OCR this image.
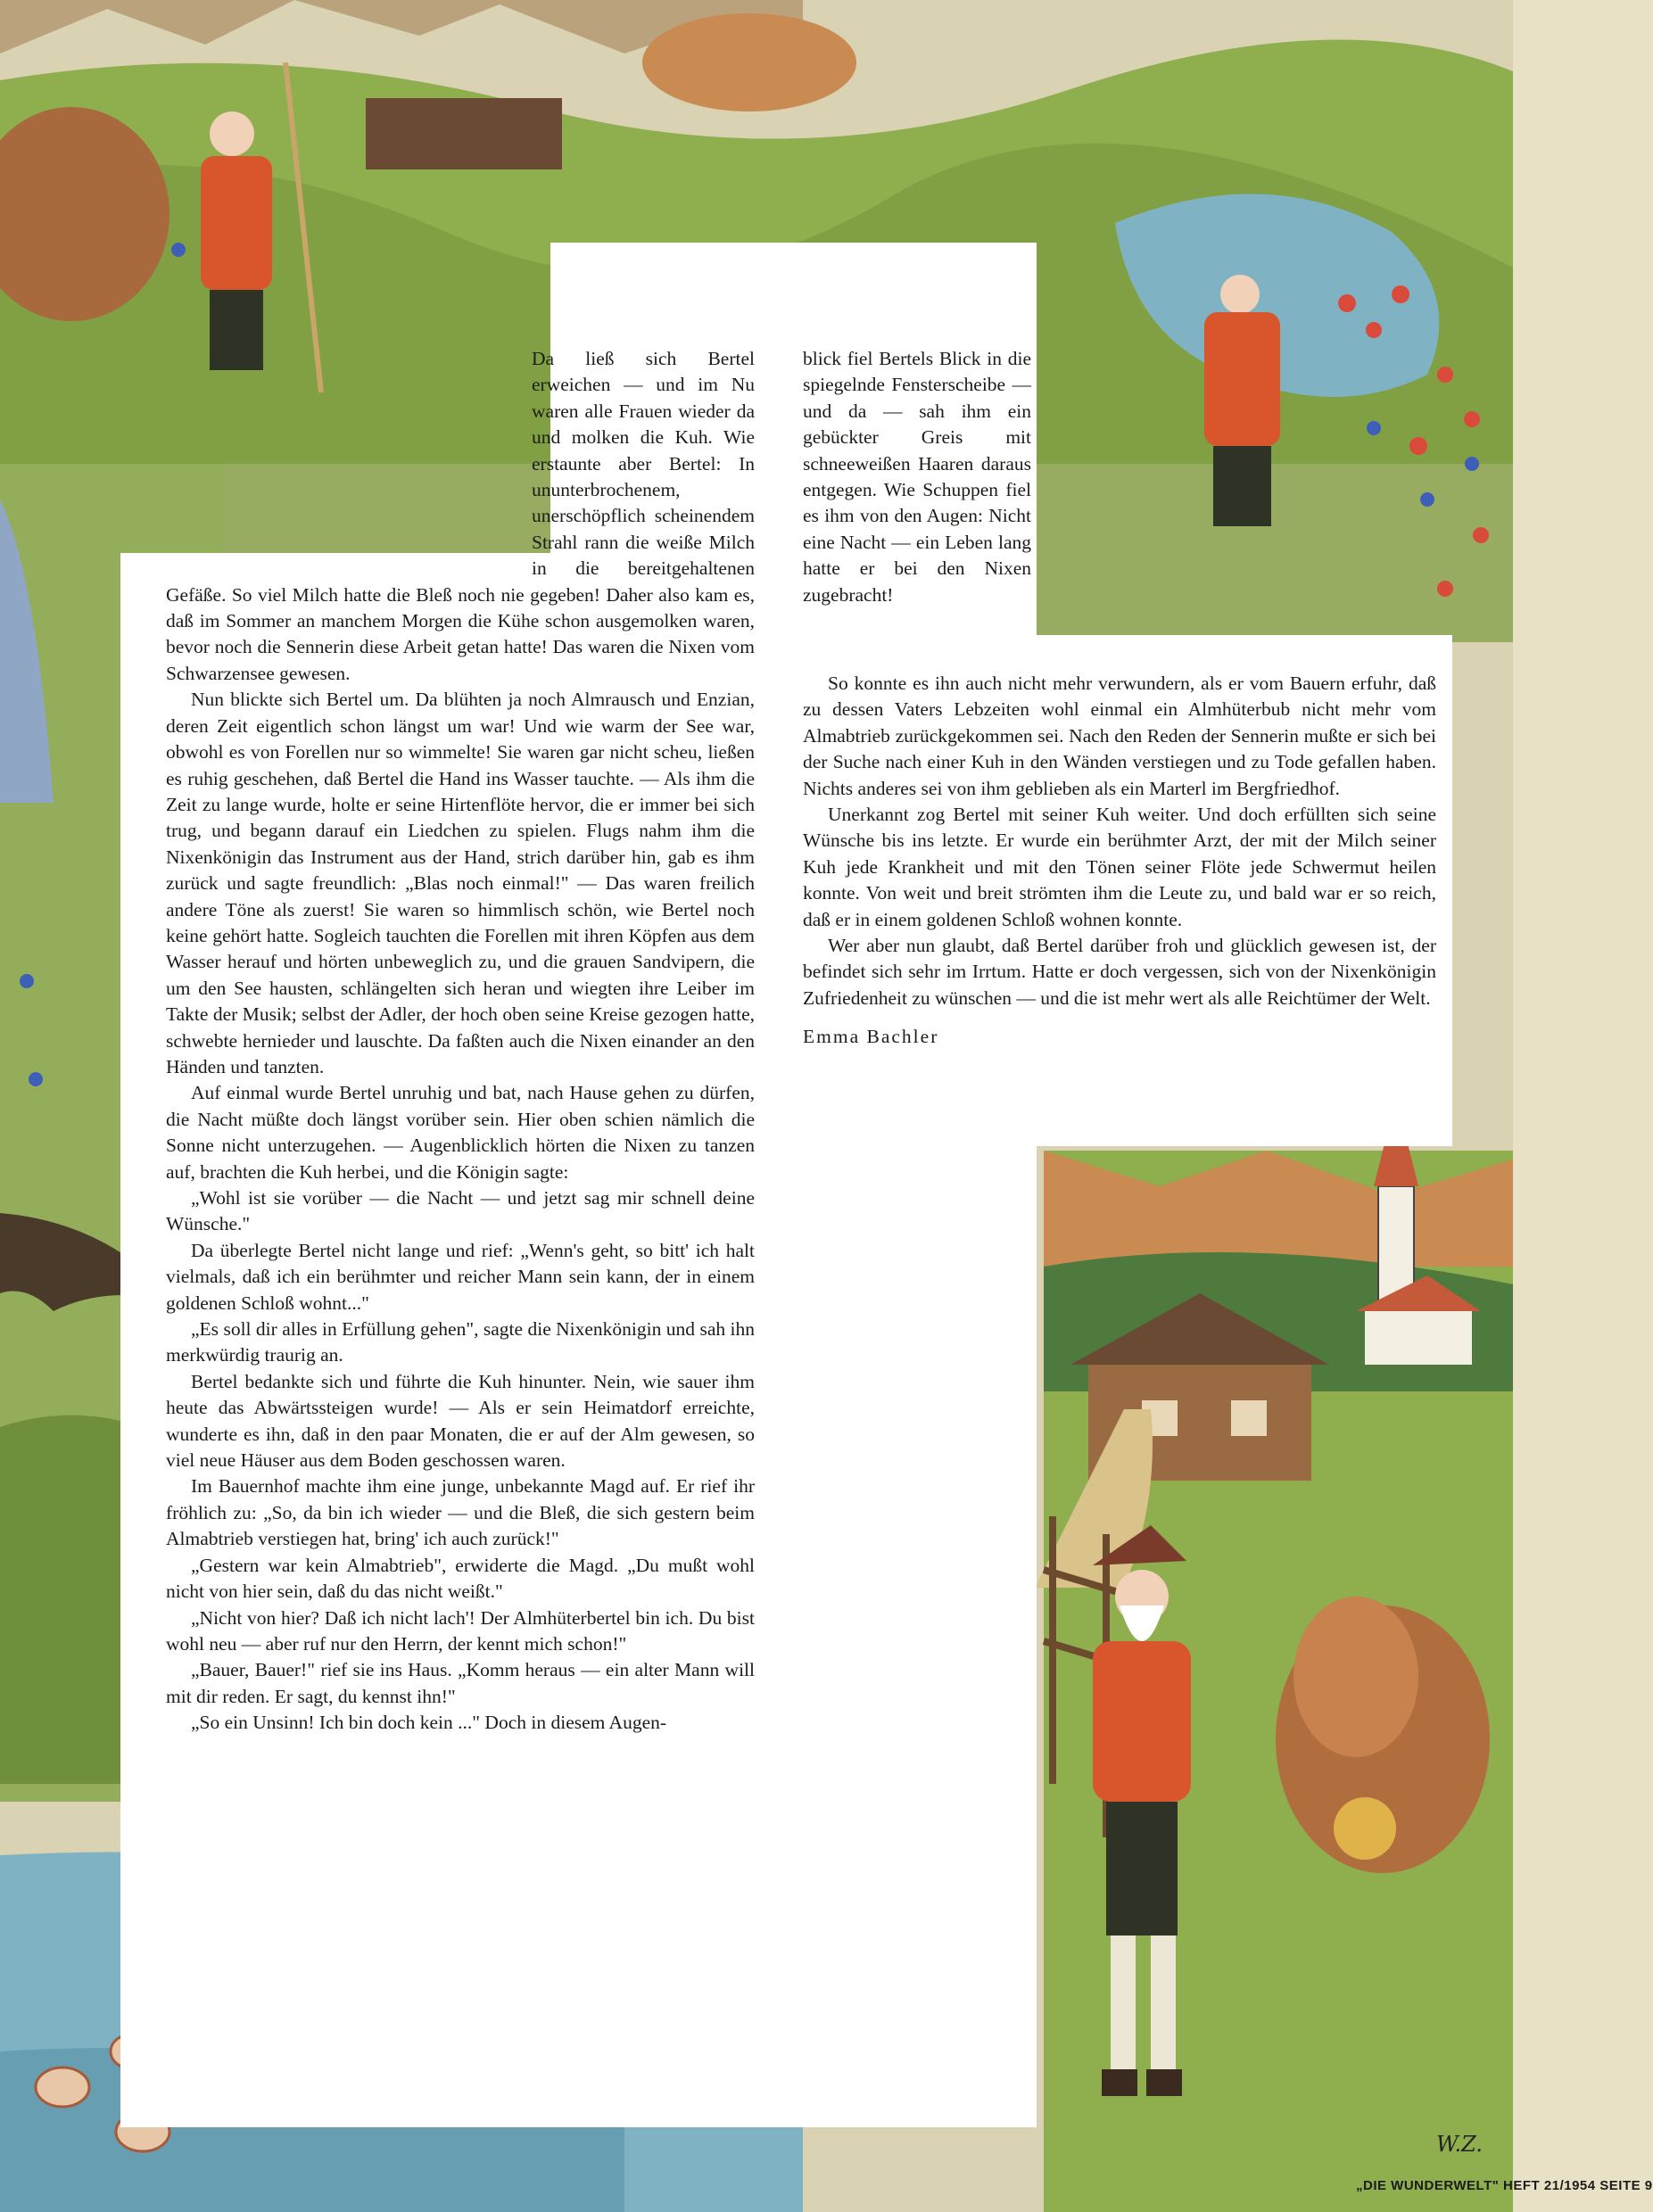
Da ließ sich Bertel erweichen — und im Nu waren alle Frauen wieder da und molken die Kuh. Wie erstaunte aber Bertel: In ununterbrochenem, unerschöpflich scheinendem Strahl rann die weiße Milch in die bereitgehaltenen Gefäße. So viel Milch hatte die Bleß noch nie gegeben! Daher also kam es, daß im Sommer an manchem Morgen die Kühe schon ausgemolken waren, bevor noch die Sennerin diese Arbeit getan hatte! Das waren die Nixen vom Schwarzensee gewesen.

Nun blickte sich Bertel um. Da blühten ja noch Almrausch und Enzian, deren Zeit eigentlich schon längst um war! Und wie warm der See war, obwohl es von Forellen nur so wimmelte! Sie waren gar nicht scheu, ließen es ruhig geschehen, daß Bertel die Hand ins Wasser tauchte. — Als ihm die Zeit zu lange wurde, holte er seine Hirtenflöte hervor, die er immer bei sich trug, und begann darauf ein Liedchen zu spielen. Flugs nahm ihm die Nixenkönigin das Instrument aus der Hand, strich darüber hin, gab es ihm zurück und sagte freundlich: „Blas noch einmal!" — Das waren freilich andere Töne als zuerst! Sie waren so himmlisch schön, wie Bertel noch keine gehört hatte. Sogleich tauchten die Forellen mit ihren Köpfen aus dem Wasser herauf und hörten unbeweglich zu, und die grauen Sandvipern, die um den See hausten, schlängelten sich heran und wiegten ihre Leiber im Takte der Musik; selbst der Adler, der hoch oben seine Kreise gezogen hatte, schwebte hernieder und lauschte. Da faßten auch die Nixen einander an den Händen und tanzten.

Auf einmal wurde Bertel unruhig und bat, nach Hause gehen zu dürfen, die Nacht müßte doch längst vorüber sein. Hier oben schien nämlich die Sonne nicht unterzugehen. — Augenblicklich hörten die Nixen zu tanzen auf, brachten die Kuh herbei, und die Königin sagte:

„Wohl ist sie vorüber — die Nacht — und jetzt sag mir schnell deine Wünsche."

Da überlegte Bertel nicht lange und rief: „Wenn's geht, so bitt' ich halt vielmals, daß ich ein berühmter und reicher Mann sein kann, der in einem goldenen Schloß wohnt..."

„Es soll dir alles in Erfüllung gehen", sagte die Nixenkönigin und sah ihn merkwürdig traurig an.

Bertel bedankte sich und führte die Kuh hinunter. Nein, wie sauer ihm heute das Abwärtssteigen wurde! — Als er sein Heimatdorf erreichte, wunderte es ihn, daß in den paar Monaten, die er auf der Alm gewesen, so viel neue Häuser aus dem Boden geschossen waren.

Im Bauernhof machte ihm eine junge, unbekannte Magd auf. Er rief ihr fröhlich zu: „So, da bin ich wieder — und die Bleß, die sich gestern beim Almabtrieb verstiegen hat, bring' ich auch zurück!"

„Gestern war kein Almabtrieb", erwiderte die Magd. „Du mußt wohl nicht von hier sein, daß du das nicht weißt."

„Nicht von hier? Daß ich nicht lach'! Der Almhüterbertel bin ich. Du bist wohl neu — aber ruf nur den Herrn, der kennt mich schon!"

„Bauer, Bauer!" rief sie ins Haus. „Komm heraus — ein alter Mann will mit dir reden. Er sagt, du kennst ihn!"

„So ein Unsinn! Ich bin doch kein ..." Doch in diesem Augen-

blick fiel Bertels Blick in die spiegelnde Fensterscheibe — und da — sah ihm ein gebückter Greis mit schneeweißen Haaren daraus entgegen. Wie Schuppen fiel es ihm von den Augen: Nicht eine Nacht — ein Leben lang hatte er bei den Nixen zugebracht!

So konnte es ihn auch nicht mehr verwundern, als er vom Bauern erfuhr, daß zu dessen Vaters Lebzeiten wohl einmal ein Almhüterbub nicht mehr vom Almabtrieb zurückgekommen sei. Nach den Reden der Sennerin mußte er sich bei der Suche nach einer Kuh in den Wänden verstiegen und zu Tode gefallen haben. Nichts anderes sei von ihm geblieben als ein Marterl im Bergfriedhof.

Unerkannt zog Bertel mit seiner Kuh weiter. Und doch erfüllten sich seine Wünsche bis ins letzte. Er wurde ein berühmter Arzt, der mit der Milch seiner Kuh jede Krankheit und mit den Tönen seiner Flöte jede Schwermut heilen konnte. Von weit und breit strömten ihm die Leute zu, und bald war er so reich, daß er in einem goldenen Schloß wohnen konnte.

Wer aber nun glaubt, daß Bertel darüber froh und glücklich gewesen ist, der befindet sich sehr im Irrtum. Hatte er doch vergessen, sich von der Nixenkönigin Zufriedenheit zu wünschen — und die ist mehr wert als alle Reichtümer der Welt.

Emma Bachler

„DIE WUNDERWELT" HEFT 21/1954 SEITE 9
W.Z.
